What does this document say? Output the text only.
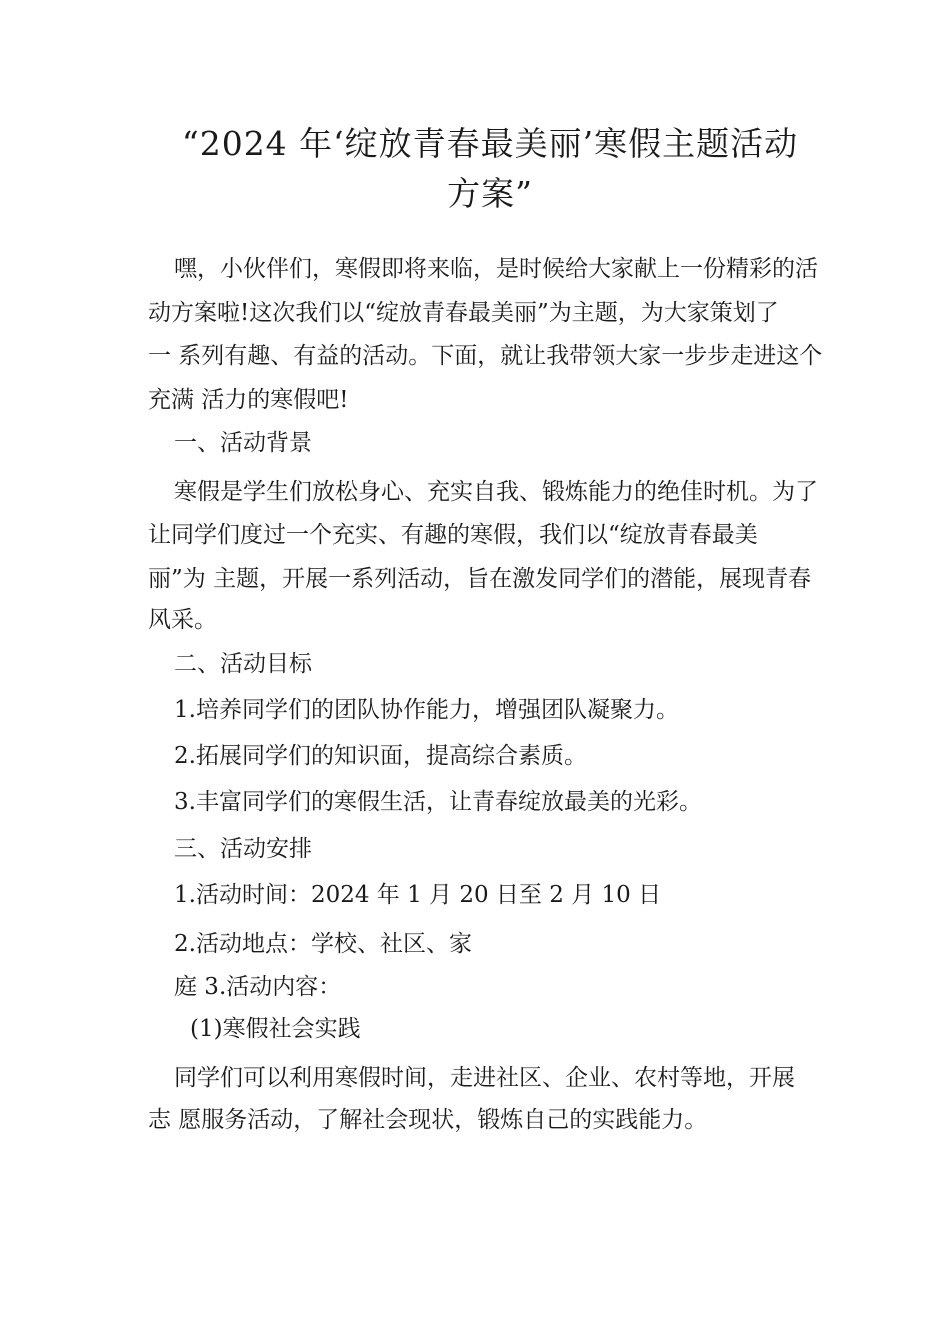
“2024 年‘绽放青春最美丽’寒假主题活动
方案”
嘿，小伙伴们，寒假即将来临，是时候给大家献上一份精彩的活
动方案啦!这次我们以“绽放青春最美丽”为主题，为大家策划了
一 系列有趣、有益的活动。下面，就让我带领大家一步步走进这个
充满 活力的寒假吧!
一、活动背景
寒假是学生们放松身心、充实自我、锻炼能力的绝佳时机。为了
让同学们度过一个充实、有趣的寒假，我们以“绽放青春最美
丽”为 主题，开展一系列活动，旨在激发同学们的潜能，展现青春
风采。
二、活动目标
1.培养同学们的团队协作能力，增强团队凝聚力。
2.拓展同学们的知识面，提高综合素质。
3.丰富同学们的寒假生活，让青春绽放最美的光彩。
三、活动安排
1.活动时间：2024 年 1 月 20 日至 2 月 10 日
2.活动地点：学校、社区、家
庭 3.活动内容：
(1)寒假社会实践
同学们可以利用寒假时间，走进社区、企业、农村等地，开展
志 愿服务活动，了解社会现状，锻炼自己的实践能力。
